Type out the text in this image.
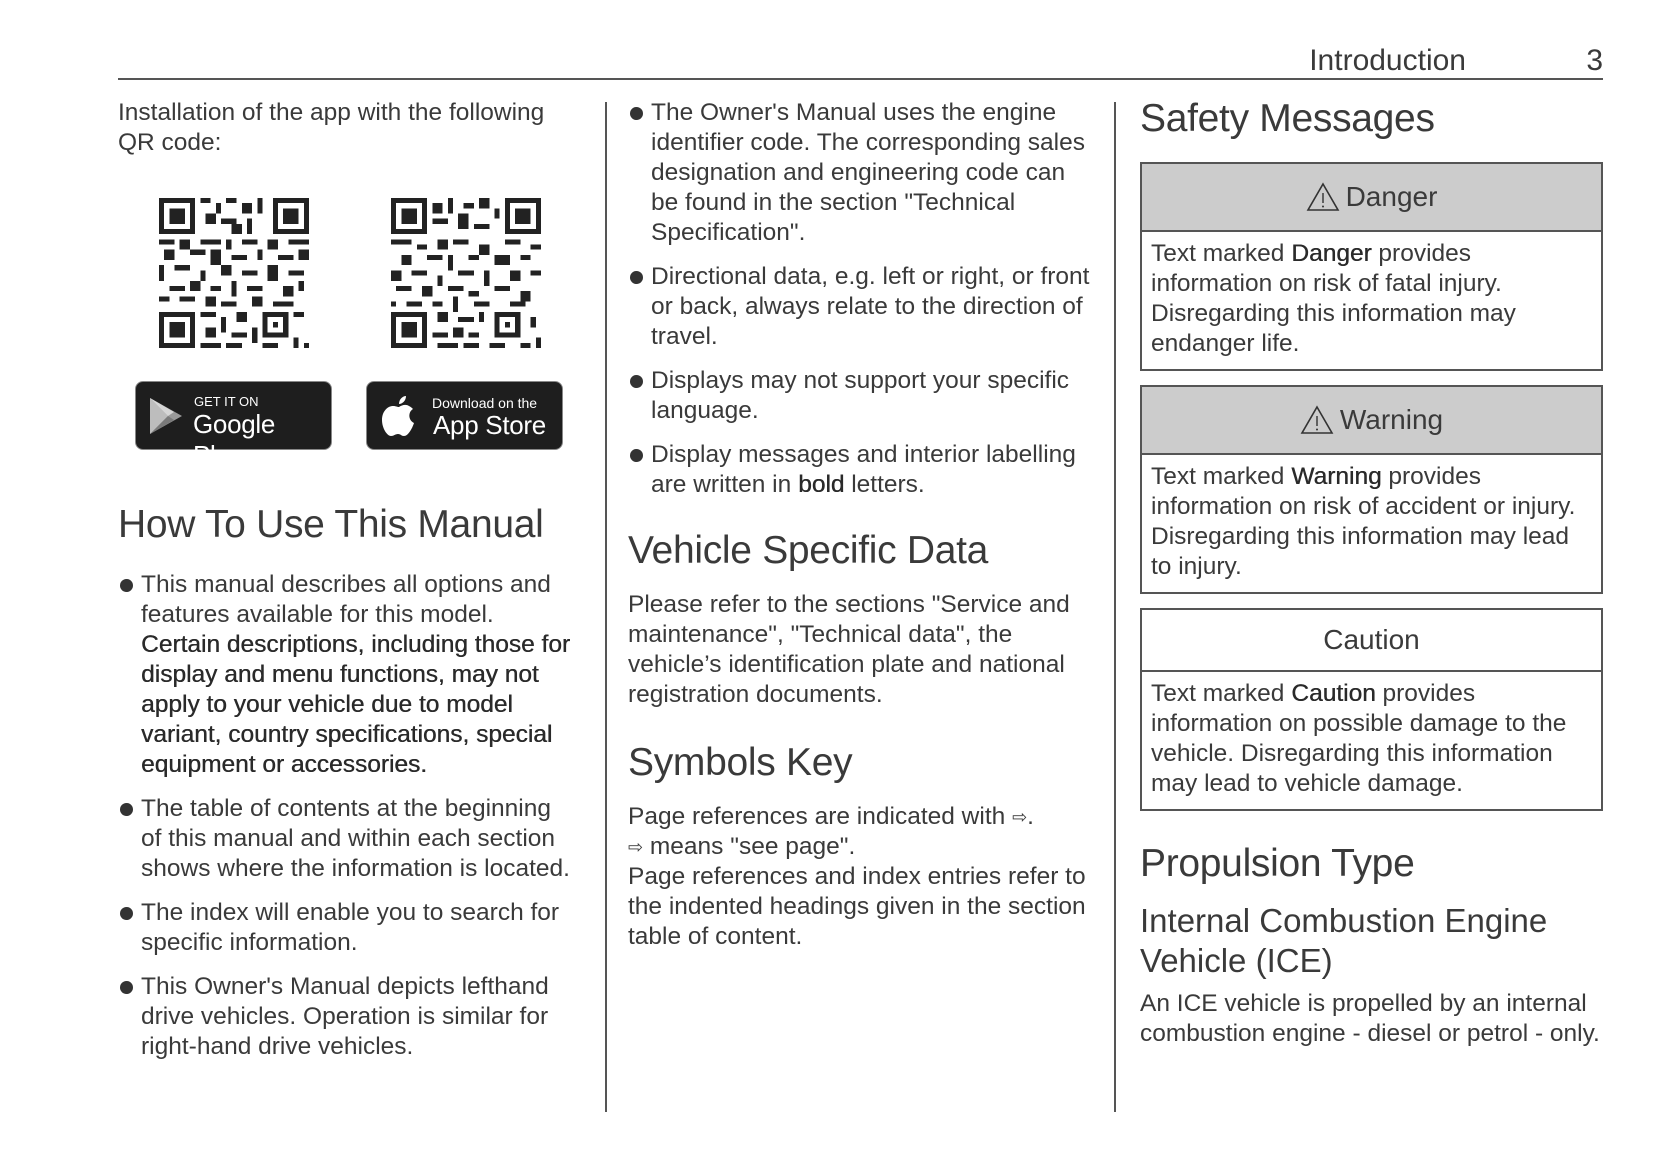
Introduction	3

Installation of the app with the following QR code:

GET IT ON
Google Play
Download on the
App Store
How To Use This Manual
This manual describes all options and features available for this model. Certain descriptions, including those for display and menu functions, may not apply to your vehicle due to model variant, country specifications, special equipment or accessories.
The table of contents at the beginning of this manual and within each section shows where the information is located.
The index will enable you to search for specific information.
This Owner's Manual depicts lefthand drive vehicles. Operation is similar for right-hand drive vehicles.
The Owner's Manual uses the engine identifier code. The corresponding sales designation and engineering code can be found in the section "Technical Specification".
Directional data, e.g. left or right, or front or back, always relate to the direction of travel.
Displays may not support your specific language.
Display messages and interior labelling are written in bold letters.
Vehicle Specific Data

Please refer to the sections "Service and maintenance", "Technical data", the vehicle’s identification plate and national registration documents.

Symbols Key
Page references are indicated with ⇨.
⇨ means "see page".
Page references and index entries refer to the indented headings given in the section table of content.
Safety Messages
Danger
Text marked Danger provides information on risk of fatal injury. Disregarding this information may endanger life.
Warning
Text marked Warning provides information on risk of accident or injury. Disregarding this information may lead to injury.
Caution
Text marked Caution provides information on possible damage to the vehicle. Disregarding this information may lead to vehicle damage.
Propulsion Type
Internal Combustion Engine Vehicle (ICE)

An ICE vehicle is propelled by an internal combustion engine - diesel or petrol - only.
